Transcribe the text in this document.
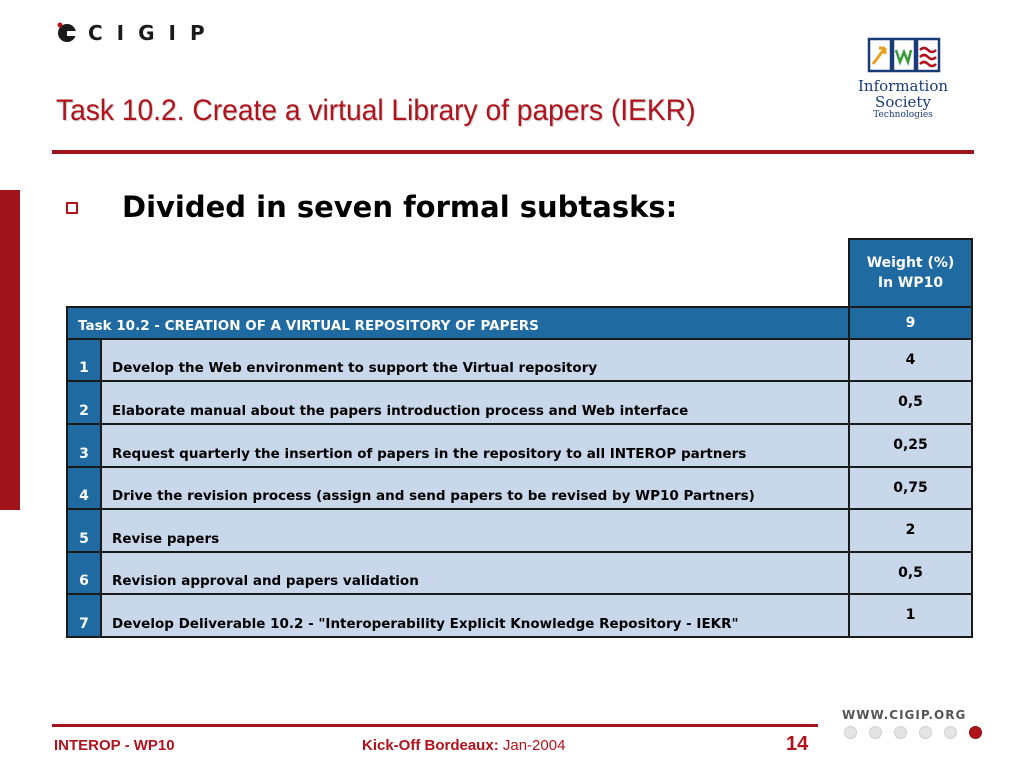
CIGIP
Information Society
Technologies
Task 10.2. Create a virtual Library of papers (IEKR)
Divided in seven formal subtasks:

		Weight (%)
In WP10

Task 10.2 - CREATION OF A VIRTUAL REPOSITORY OF PAPERS		9
1	Develop the Web environment to support the Virtual repository	4
2	Elaborate manual about the papers introduction process and Web interface	0,5
3	Request quarterly the insertion of papers in the repository to all INTEROP partners	0,25
4	Drive the revision process (assign and send papers to be revised by WP10 Partners)	0,75
5	Revise papers	2
6	Revision approval and papers validation	0,5
7	Develop Deliverable 10.2 - "Interoperability Explicit Knowledge Repository - IEKR"	1
INTEROP - WP10	Kick-Off Bordeaux: Jan-2004	14
WWW.CIGIP.ORG
